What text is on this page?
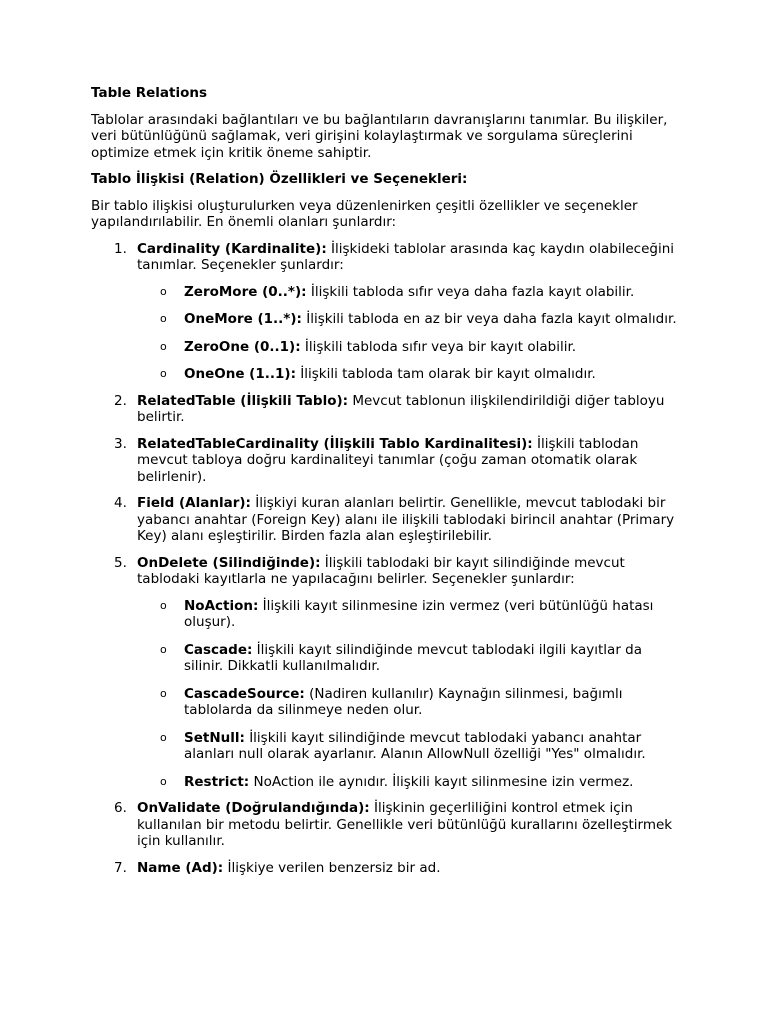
Table Relations

Tablolar arasındaki bağlantıları ve bu bağlantıların davranışlarını tanımlar. Bu ilişkiler, veri bütünlüğünü sağlamak, veri girişini kolaylaştırmak ve sorgulama süreçlerini optimize etmek için kritik öneme sahiptir.

Tablo İlişkisi (Relation) Özellikleri ve Seçenekleri:

Bir tablo ilişkisi oluşturulurken veya düzenlenirken çeşitli özellikler ve seçenekler yapılandırılabilir. En önemli olanları şunlardır:

1. Cardinality (Kardinalite): İlişkideki tablolar arasında kaç kaydın olabileceğini tanımlar. Seçenekler şunlardır:
o ZeroMore (0..*): İlişkili tabloda sıfır veya daha fazla kayıt olabilir.
o OneMore (1..*): İlişkili tabloda en az bir veya daha fazla kayıt olmalıdır.
o ZeroOne (0..1): İlişkili tabloda sıfır veya bir kayıt olabilir.
o OneOne (1..1): İlişkili tabloda tam olarak bir kayıt olmalıdır.
2. RelatedTable (İlişkili Tablo): Mevcut tablonun ilişkilendirildiği diğer tabloyu belirtir.
3. RelatedTableCardinality (İlişkili Tablo Kardinalitesi): İlişkili tablodan mevcut tabloya doğru kardinaliteyi tanımlar (çoğu zaman otomatik olarak belirlenir).
4. Field (Alanlar): İlişkiyi kuran alanları belirtir. Genellikle, mevcut tablodaki bir yabancı anahtar (Foreign Key) alanı ile ilişkili tablodaki birincil anahtar (Primary Key) alanı eşleştirilir. Birden fazla alan eşleştirilebilir.
5. OnDelete (Silindiğinde): İlişkili tablodaki bir kayıt silindiğinde mevcut tablodaki kayıtlarla ne yapılacağını belirler. Seçenekler şunlardır:
o NoAction: İlişkili kayıt silinmesine izin vermez (veri bütünlüğü hatası oluşur).
o Cascade: İlişkili kayıt silindiğinde mevcut tablodaki ilgili kayıtlar da silinir. Dikkatli kullanılmalıdır.
o CascadeSource: (Nadiren kullanılır) Kaynağın silinmesi, bağımlı tablolarda da silinmeye neden olur.
o SetNull: İlişkili kayıt silindiğinde mevcut tablodaki yabancı anahtar alanları null olarak ayarlanır. Alanın AllowNull özelliği "Yes" olmalıdır.
o Restrict: NoAction ile aynıdır. İlişkili kayıt silinmesine izin vermez.
6. OnValidate (Doğrulandığında): İlişkinin geçerliliğini kontrol etmek için kullanılan bir metodu belirtir. Genellikle veri bütünlüğü kurallarını özelleştirmek için kullanılır.
7. Name (Ad): İlişkiye verilen benzersiz bir ad.
